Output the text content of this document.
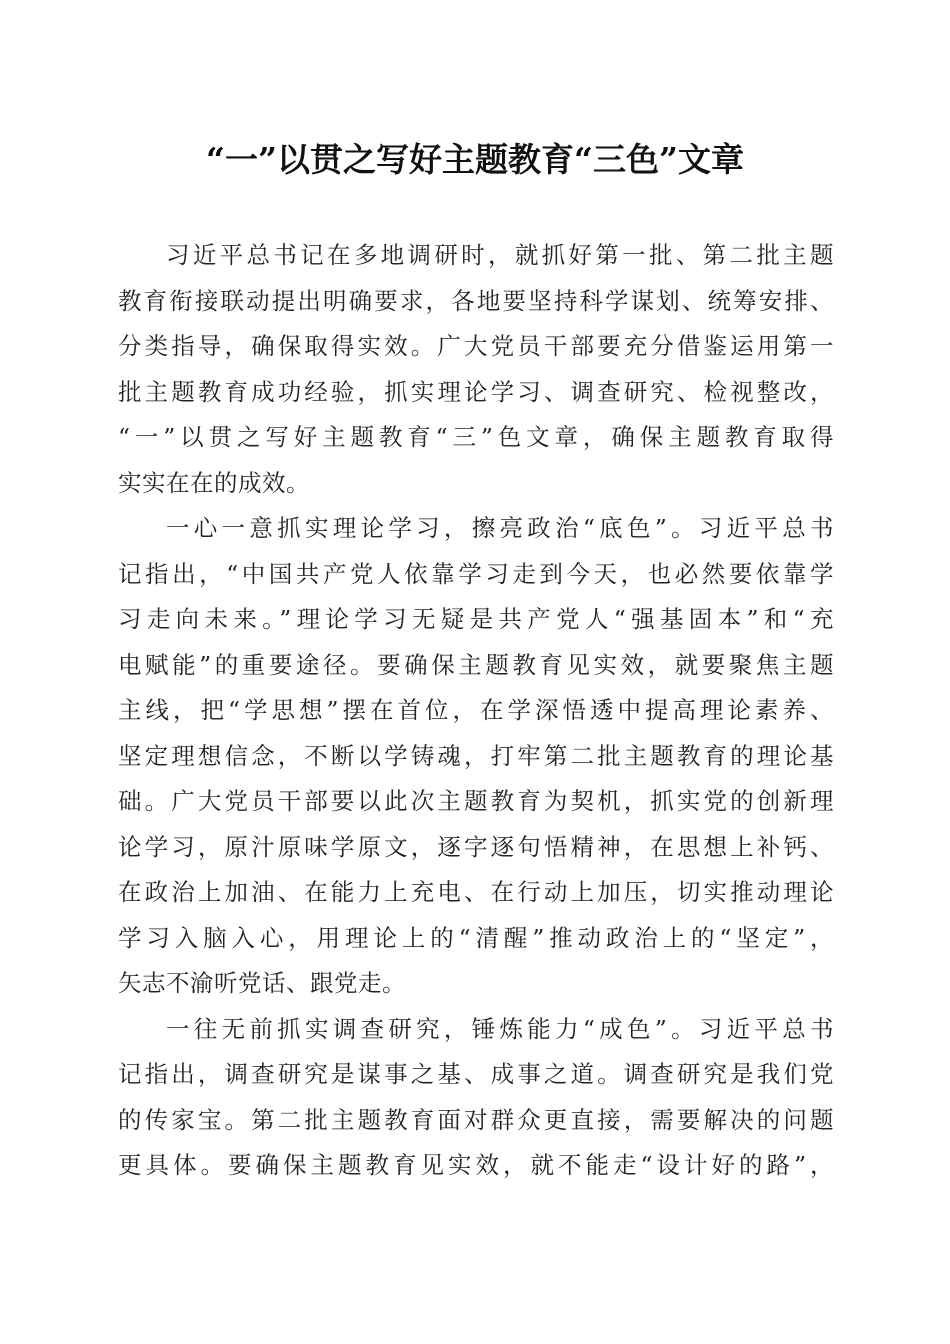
“一”以贯之写好主题教育“三色”文章
习近平总书记在多地调研时，就抓好第一批、第二批主题
教育衔接联动提出明确要求，各地要坚持科学谋划、统筹安排、
分类指导，确保取得实效。广大党员干部要充分借鉴运用第一
批主题教育成功经验，抓实理论学习、调查研究、检视整改，
“一”以贯之写好主题教育“三”色文章，确保主题教育取得
实实在在的成效。
一心一意抓实理论学习，擦亮政治“底色”。习近平总书
记指出，“中国共产党人依靠学习走到今天，也必然要依靠学
习走向未来。”理论学习无疑是共产党人“强基固本”和“充
电赋能”的重要途径。要确保主题教育见实效，就要聚焦主题
主线，把“学思想”摆在首位，在学深悟透中提高理论素养、
坚定理想信念，不断以学铸魂，打牢第二批主题教育的理论基
础。广大党员干部要以此次主题教育为契机，抓实党的创新理
论学习，原汁原味学原文，逐字逐句悟精神，在思想上补钙、
在政治上加油、在能力上充电、在行动上加压，切实推动理论
学习入脑入心，用理论上的“清醒”推动政治上的“坚定”，
矢志不渝听党话、跟党走。
一往无前抓实调查研究，锤炼能力“成色”。习近平总书
记指出，调查研究是谋事之基、成事之道。调查研究是我们党
的传家宝。第二批主题教育面对群众更直接，需要解决的问题
更具体。要确保主题教育见实效，就不能走“设计好的路”，
